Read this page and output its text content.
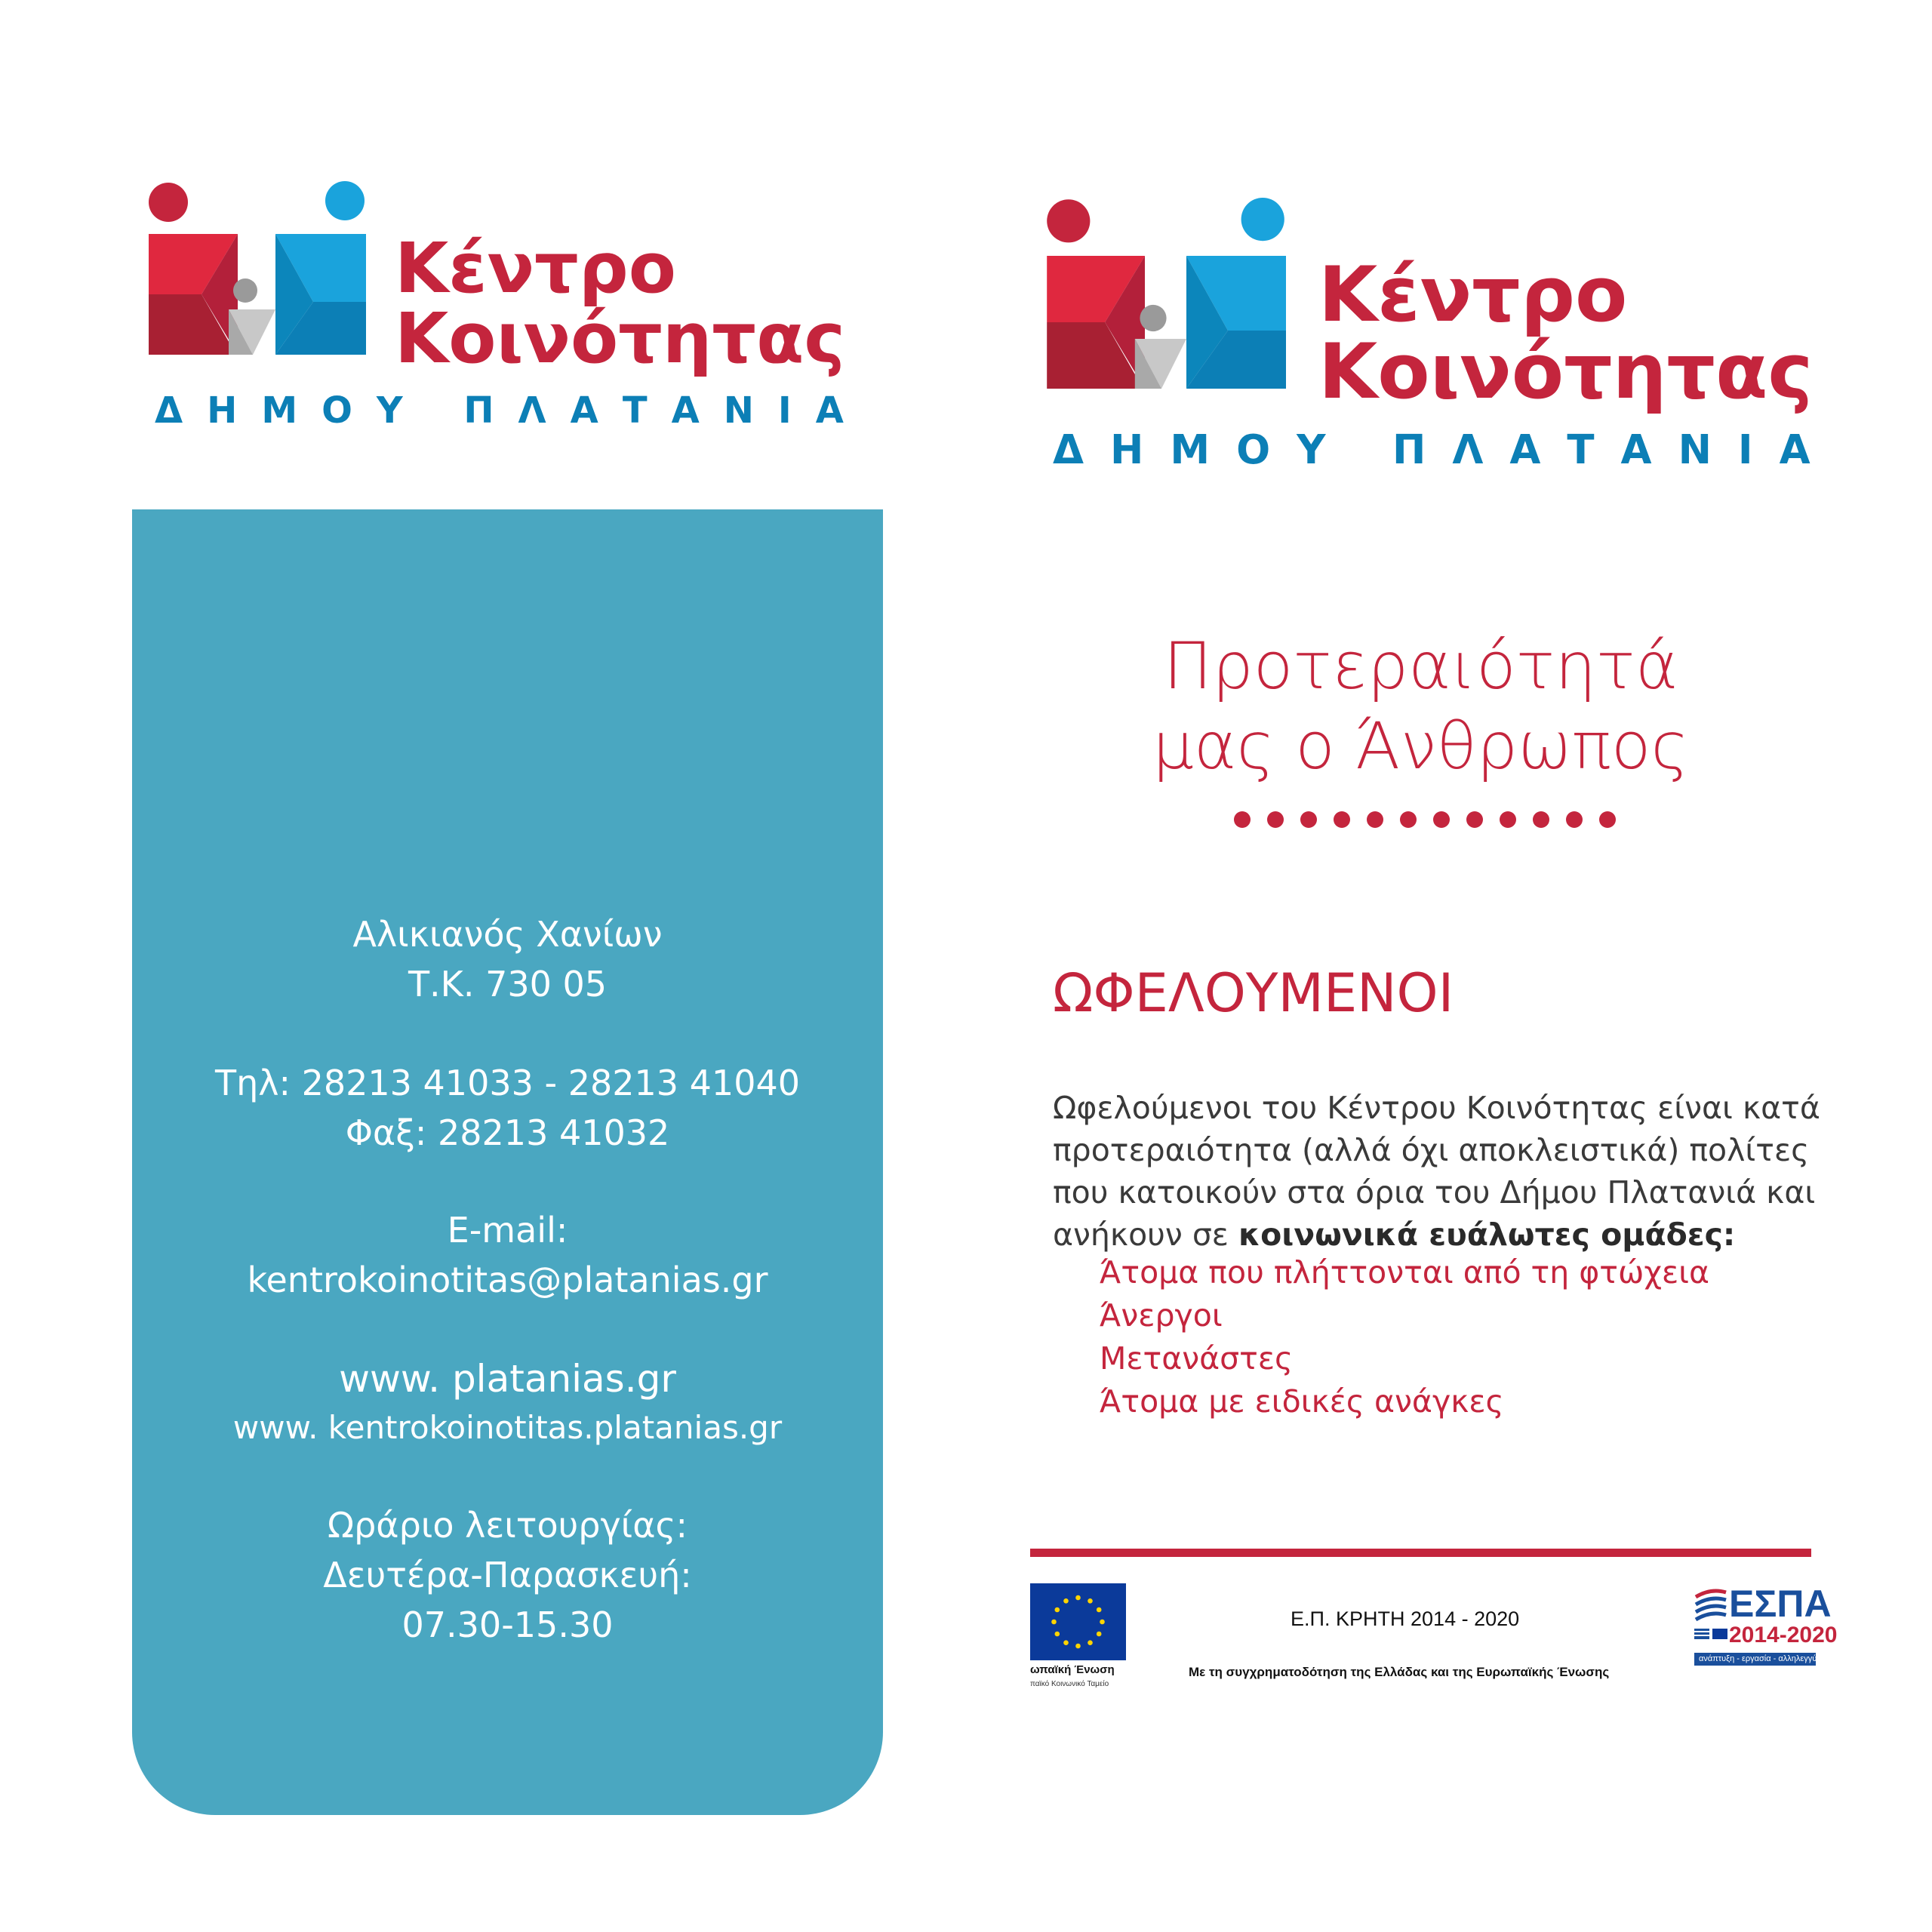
Κέντρο
Κοινότητας
ΔΗΜΟΥ ΠΛΑΤΑΝΙΑ
Αλικιανός Χανίων
Τ.Κ. 730 05
Τηλ: 28213 41033 - 28213 41040
Φαξ: 28213 41032
E-mail:
kentrokoinotitas@platanias.gr
www. platanias.gr
www. kentrokoinotitas.platanias.gr
Ωράριο λειτουργίας:
Δευτέρα-Παρασκευή:
07.30-15.30
Κέντρο
Κοινότητας
ΔΗΜΟΥ ΠΛΑΤΑΝΙΑ
Προτεραιότητά
μας ο Άνθρωπος
ΩΦΕΛΟΥΜΕΝΟΙ
Ωφελούμενοι του Κέντρου Κοινότητας είναι κατά
προτεραιότητα (αλλά όχι αποκλειστικά) πολίτες
που κατοικούν στα όρια του Δήμου Πλατανιά και
ανήκουν σε κοινωνικά ευάλωτες ομάδες:
Άτομα που πλήττονται από τη φτώχεια
Άνεργοι
Μετανάστες
Άτομα με ειδικές ανάγκες
ωπαϊκή Ένωση
παϊκό Κοινωνικό Ταμείο
Ε.Π. ΚΡΗΤΗ 2014 - 2020
Με τη συγχρηματοδότηση της Ελλάδας και της Ευρωπαϊκής Ένωσης
ΕΣΠΑ
2014-2020
ανάπτυξη - εργασία - αλληλεγγύη
